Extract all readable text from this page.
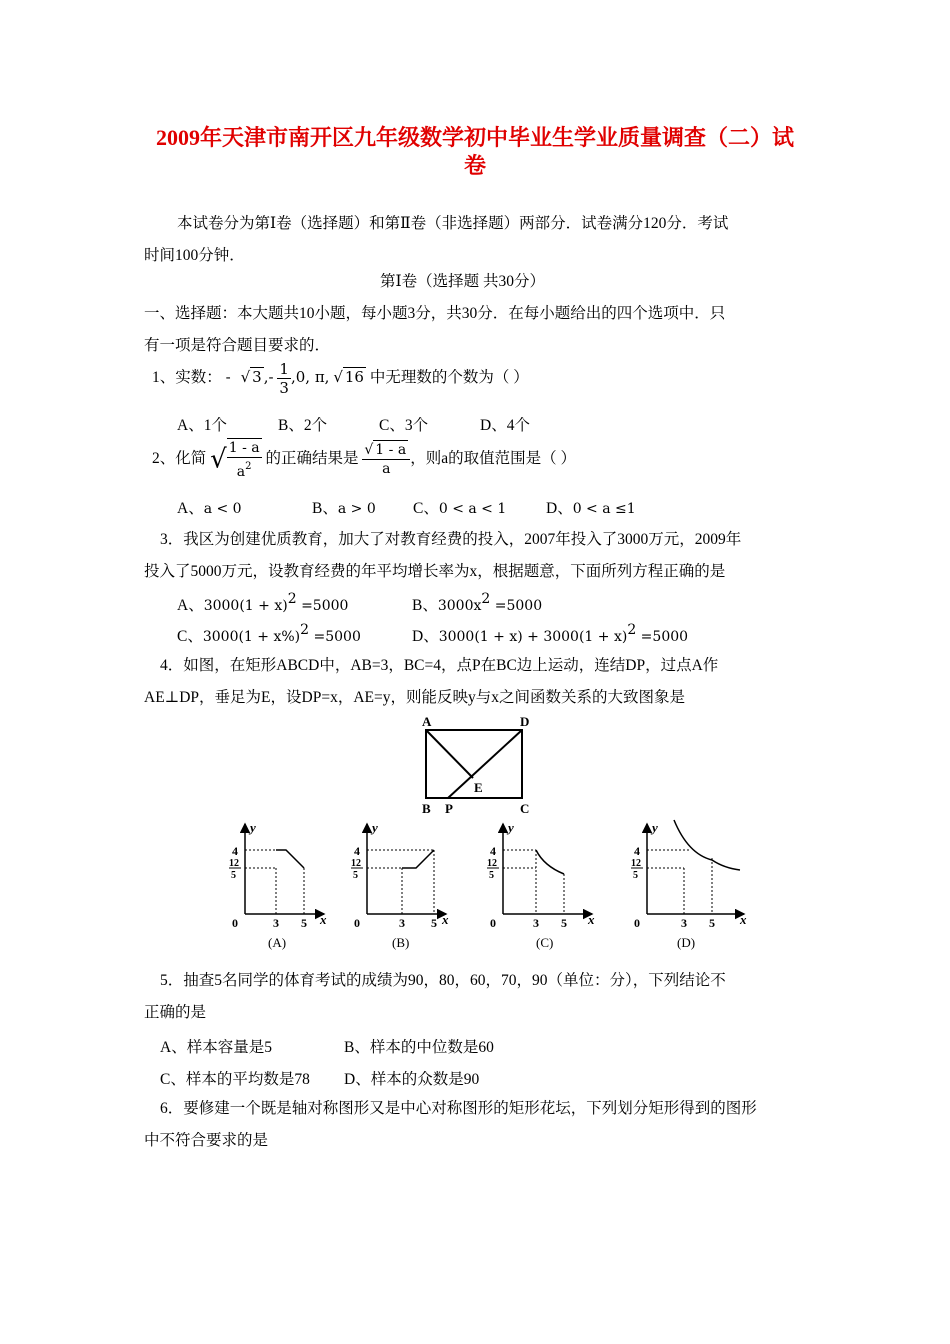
2009年天津市南开区九年级数学初中毕业生学业质量调查（二）试
卷
本试卷分为第Ⅰ卷（选择题）和第Ⅱ卷（非选择题）两部分．试卷满分120分．考试
时间100分钟．
第Ⅰ卷（选择题 共30分）
一、选择题：本大题共10小题，每小题3分，共30分．在每小题给出的四个选项中．只
有一项是符合题目要求的．
1、实数： - √ 3 ,- $\frac{1}{3} ,0$, π, √ 16 中无理数的个数为（ ）
A、1个	B、2个	C、3个	D、4个
2、化简 √ $\frac{1 - a}{a^2}$ 的正确结果是 $\frac{√ 1 - a}{a}$ ，则a的取值范围是（ ）
A、a < 0	B、a > 0 C、0 < a < 1	D、0 < a ≤1
3．我区为创建优质教育，加大了对教育经费的投入，2007年投入了3000万元，2009年
投入了5000万元，设教育经费的年平均增长率为x，根据题意，下面所列方程正确的是
A、$3000(1 + x)^2 =5000$	B、$3000x^2 =5000$
C、$3000(1 + x\%)^2 =5000$	D、$3000(1 + x) + 3000(1 + x)^2 =5000$
4．如图，在矩形ABCD中，AB=3，BC=4，点P在BC边上运动，连结DP，过点A作
AE⊥DP，垂足为E，设DP=x，AE=y，则能反映y与x之间函数关系的大致图象是
A	D
B P	C
E
y
x
0
4
12
5
3 5
(A)
y
x
0
4
12
5
3 5
(B)
y
x
0
4
12
5
3 5
(C)
y
x
0
4
12
5
3 5
(D)
5．抽查5名同学的体育考试的成绩为90，80，60，70，90（单位：分），下列结论不
正确的是
A、样本容量是5	B、样本的中位数是60
C、样本的平均数是78 D、样本的众数是90
6．要修建一个既是轴对称图形又是中心对称图形的矩形花坛，下列划分矩形得到的图形
中不符合要求的是
